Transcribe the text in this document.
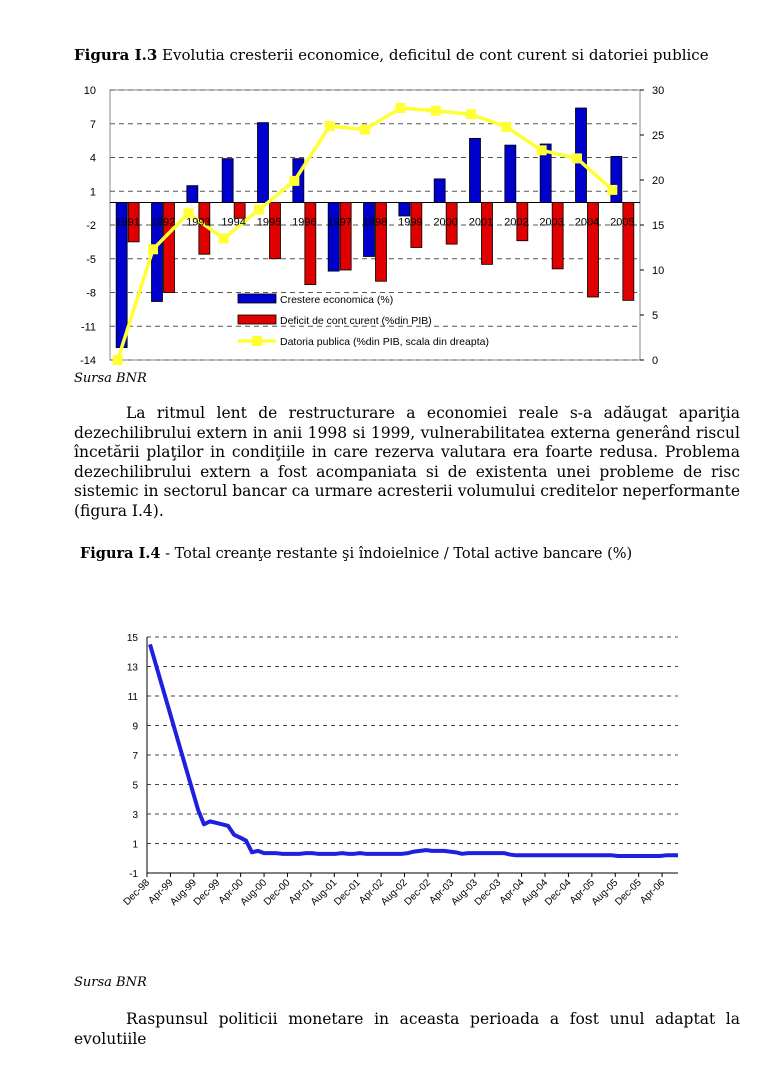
Figura I.3 Evolutia cresterii economice, deficitul de cont curent si datoriei publice
10
7
4
1
-2
-5
-8
-11
-14
30
25
20
15
10
5
0
1991 1992 1993 1994 1995 1996 1997 1998 1999 2000 2001 2002 2003 2004 2005
Crestere economica (%)
Deficit de cont curent (%din PIB)
Datoria publica (%din PIB, scala din dreapta)
Sursa BNR

La ritmul lent de restructurare a economiei reale s-a adăugat apariţia dezechilibrului extern in anii 1998 si 1999, vulnerabilitatea externa generând riscul încetării plaţilor in condiţiile in care rezerva valutara era foarte redusa. Problema dezechilibrului extern a fost acompaniata si de existenta unei probleme de risc sistemic in sectorul bancar ca urmare acresterii volumului creditelor neperformante (figura I.4).

Figura I.4 - Total creanţe restante şi îndoielnice / Total active bancare (%)
15
13
11
9
7
5
3
1
-1
Dec-98
Apr-99
Aug-99
Dec-99
Apr-00
Aug-00
Dec-00
Apr-01
Aug-01
Dec-01
Apr-02
Aug-02
Dec-02
Apr-03
Aug-03
Dec-03
Apr-04
Aug-04
Dec-04
Apr-05
Aug-05
Dec-05
Apr-06
Sursa BNR

Raspunsul politicii monetare in aceasta perioada a fost unul adaptat la evolutiile
